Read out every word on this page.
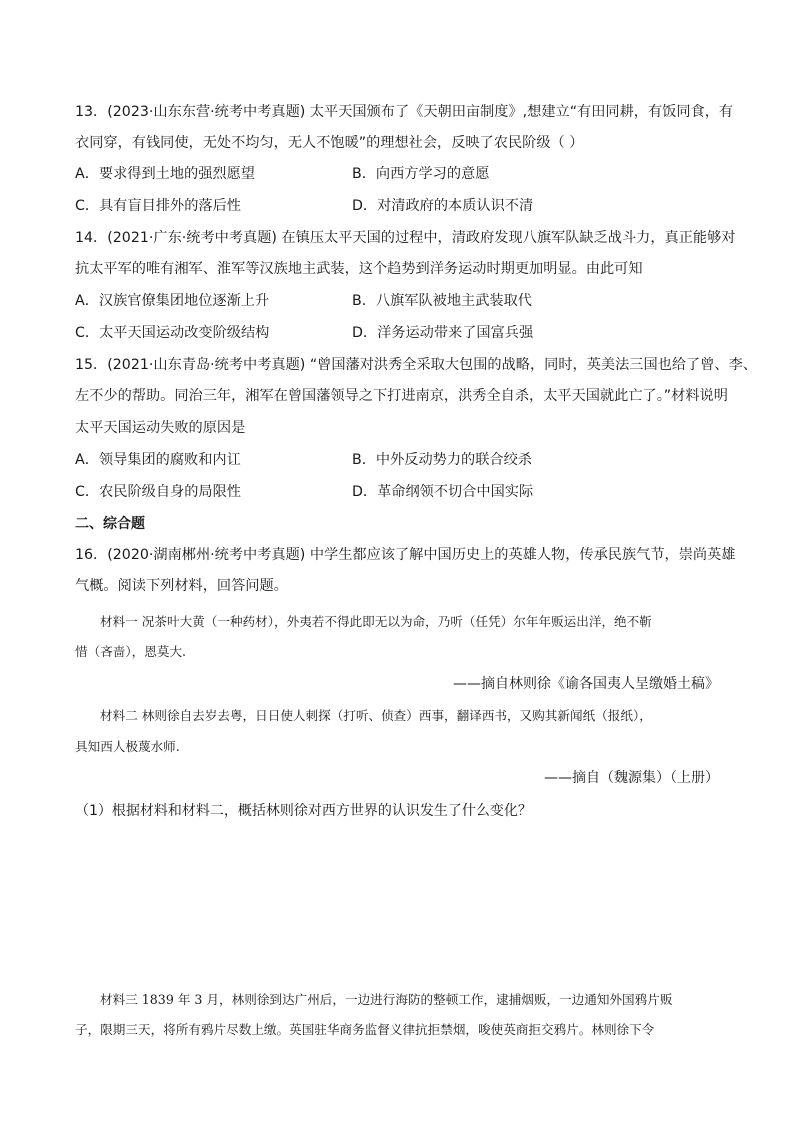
13．(2023·山东东营·统考中考真题) 太平天国颁布了《天朝田亩制度》,想建立“有田同耕，有饭同食，有
衣同穿，有钱同使，无处不均匀，无人不饱暖”的理想社会，反映了农民阶级（ ）
A．要求得到土地的强烈愿望	B．向西方学习的意愿
C．具有盲目排外的落后性	D．对清政府的本质认识不清
14．(2021·广东·统考中考真题) 在镇压太平天国的过程中，清政府发现八旗军队缺乏战斗力，真正能够对
抗太平军的唯有湘军、淮军等汉族地主武装，这个趋势到洋务运动时期更加明显。由此可知
A．汉族官僚集团地位逐渐上升	B．八旗军队被地主武装取代
C．太平天国运动改变阶级结构	D．洋务运动带来了国富兵强
15．(2021·山东青岛·统考中考真题) “曾国藩对洪秀全采取大包围的战略，同时，英美法三国也给了曾、李、
左不少的帮助。同治三年，湘军在曾国藩领导之下打进南京，洪秀全自杀，太平天国就此亡了。”材料说明
太平天国运动失败的原因是
A．领导集团的腐败和内讧	B．中外反动势力的联合绞杀
C．农民阶级自身的局限性	D．革命纲领不切合中国实际
二、综合题
16．(2020·湖南郴州·统考中考真题) 中学生都应该了解中国历史上的英雄人物，传承民族气节，崇尚英雄
气概。阅读下列材料，回答问题。
材料一 况茶叶大黄（一种药材），外夷若不得此即无以为命，乃听（任凭）尔年年贩运出洋，绝不靳
惜（吝啬），恩莫大.
——摘自林则徐《谕各国夷人呈缴婚土稿》
材料二 林则徐自去岁去粤，日日使人刺探（打听、侦查）西事，翻译西书，又购其新闻纸（报纸），
具知西人极蔑水师.
——摘自（魏源集）（上册）
（1）根据材料和材料二，概括林则徐对西方世界的认识发生了什么变化？
材料三 1839 年 3 月，林则徐到达广州后，一边进行海防的整顿工作，逮捕烟贩，一边通知外国鸦片贩
子，限期三天，将所有鸦片尽数上缴。英国驻华商务监督义律抗拒禁烟，唆使英商拒交鸦片。林则徐下令
